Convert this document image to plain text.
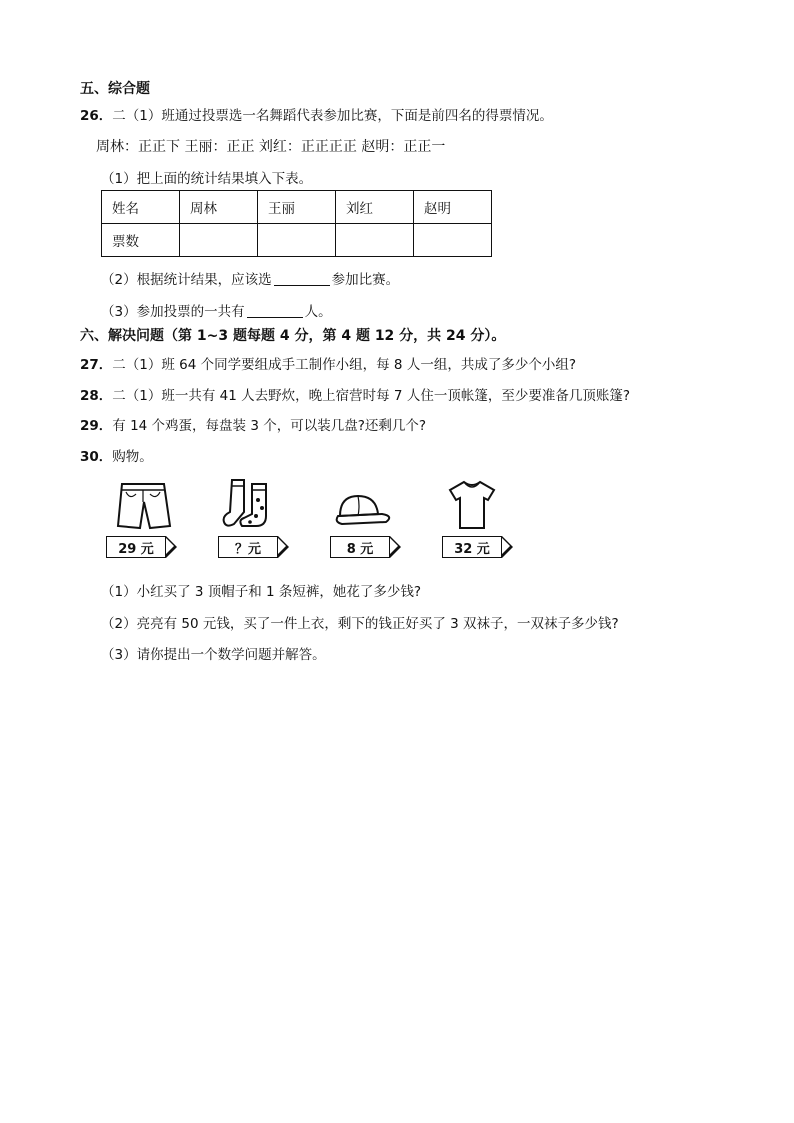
五、综合题
26．二（1）班通过投票选一名舞蹈代表参加比赛，下面是前四名的得票情况。
周林：正正下 王丽：正正 刘红：正正正正 赵明：正正一
（1）把上面的统计结果填入下表。
姓名	周林	王丽	刘红	赵明
票数				
（2）根据统计结果，应该选	参加比赛。
（3）参加投票的一共有	人。
六、解决问题（第 1~3 题每题 4 分，第 4 题 12 分，共 24 分）。
27．二（1）班 64 个同学要组成手工制作小组，每 8 人一组，共成了多少个小组?
28．二（1）班一共有 41 人去野炊，晚上宿营时每 7 人住一顶帐篷，至少要准备几顶账篷?
29．有 14 个鸡蛋，每盘装 3 个，可以装几盘?还剩几个?
30．购物。
29 元	？元	8 元	32 元
（1）小红买了 3 顶帽子和 1 条短裤，她花了多少钱?
（2）亮亮有 50 元钱，买了一件上衣，剩下的钱正好买了 3 双袜子，一双袜子多少钱?
（3）请你提出一个数学问题并解答。
